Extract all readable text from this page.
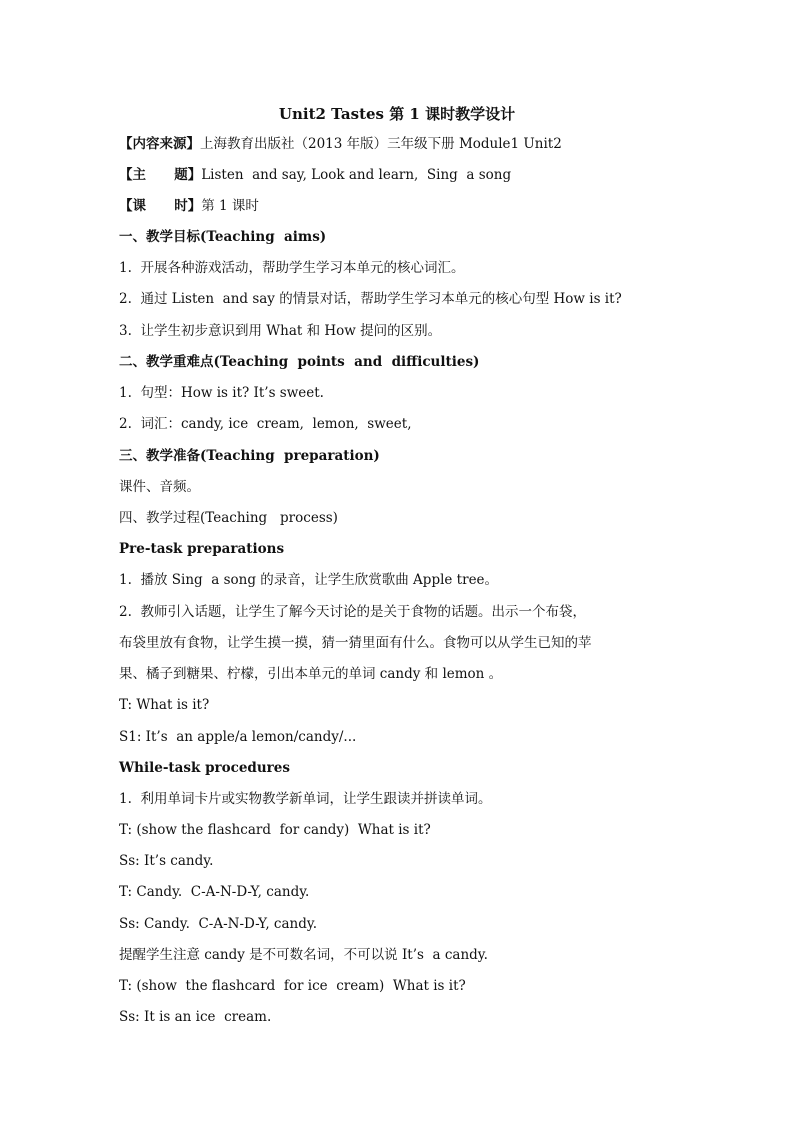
Unit2 Tastes 第 1 课时教学设计
【内容来源】上海教育出版社（2013 年版）三年级下册 Module1 Unit2
【主      题】Listen  and say, Look and learn,  Sing  a song
【课      时】第 1 课时
一、教学目标(Teaching  aims)
1.  开展各种游戏活动，帮助学生学习本单元的核心词汇。
2.  通过 Listen  and say 的情景对话，帮助学生学习本单元的核心句型 How is it?
3.  让学生初步意识到用 What 和 How 提问的区别。
二、教学重难点(Teaching  points  and  difficulties)
1.  句型：How is it? It’s sweet.
2.  词汇：candy, ice  cream,  lemon,  sweet,
三、教学准备(Teaching  preparation)
课件、音频。
四、教学过程(Teaching   process)
Pre-task preparations
1.  播放 Sing  a song 的录音，让学生欣赏歌曲 Apple tree。
2.  教师引入话题，让学生了解今天讨论的是关于食物的话题。出示一个布袋，
布袋里放有食物，让学生摸一摸，猜一猜里面有什么。食物可以从学生已知的苹
果、橘子到糖果、柠檬，引出本单元的单词 candy 和 lemon 。
T: What is it?
S1: It’s  an apple/a lemon/candy/...
While-task procedures
1.  利用单词卡片或实物教学新单词，让学生跟读并拼读单词。
T: (show the flashcard  for candy)  What is it?
Ss: It’s candy.
T: Candy.  C-A-N-D-Y, candy.
Ss: Candy.  C-A-N-D-Y, candy.
提醒学生注意 candy 是不可数名词，不可以说 It’s  a candy.
T: (show  the flashcard  for ice  cream)  What is it?
Ss: It is an ice  cream.
